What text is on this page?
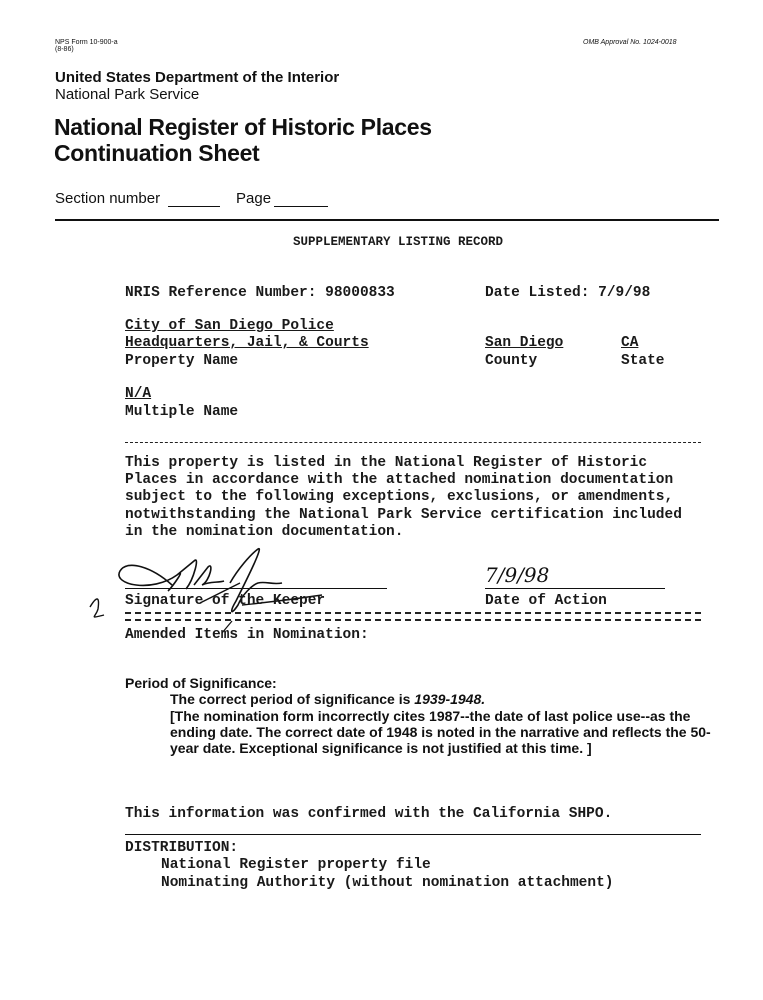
NPS Form 10-900-a
(8-86)
OMB Approval No. 1024-0018
United States Department of the Interior
National Park Service
National Register of Historic Places
Continuation Sheet
Section number	Page
SUPPLEMENTARY LISTING RECORD
NRIS Reference Number: 98000833	Date Listed: 7/9/98
City of San Diego Police
Headquarters, Jail, & Courts	San Diego	CA
Property Name	County	State
N/A
Multiple Name
This property is listed in the National Register of Historic
Places in accordance with the attached nomination documentation
subject to the following exceptions, exclusions, or amendments,
notwithstanding the National Park Service certification included
in the nomination documentation.
7/9/98
Signature of the Keeper	Date of Action
Amended Items in Nomination:
Period of Significance:
The correct period of significance is 1939-1948.
[The nomination form incorrectly cites 1987--the date of last police use--as the
ending date. The correct date of 1948 is noted in the narrative and reflects the 50-
year date. Exceptional significance is not justified at this time. ]
This information was confirmed with the California SHPO.
DISTRIBUTION:
National Register property file
Nominating Authority (without nomination attachment)
